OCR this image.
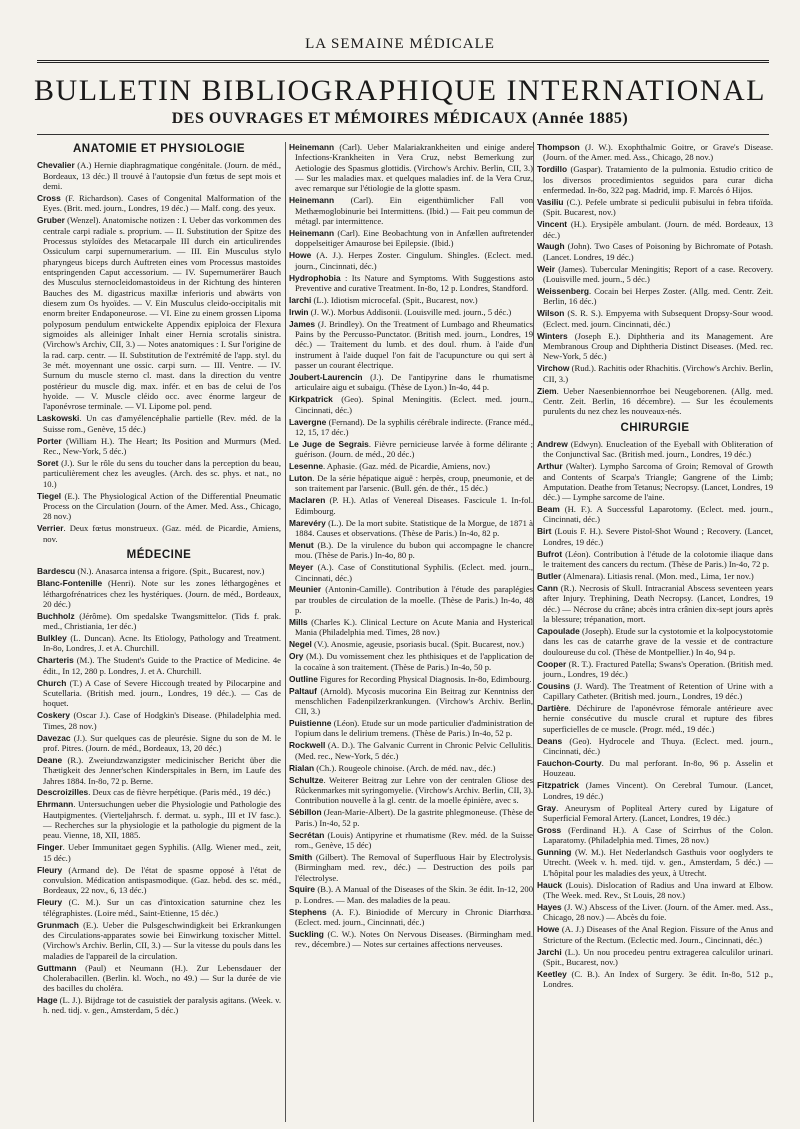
LA SEMAINE MÉDICALE
BULLETIN BIBLIOGRAPHIQUE INTERNATIONAL
DES OUVRAGES ET MÉMOIRES MÉDICAUX (Année 1885)
ANATOMIE ET PHYSIOLOGIE
Chevalier (A.) Hernie diaphragmatique congénitale. (Journ. de méd., Bordeaux, 13 déc.) Il trouvé à l'autopsie d'un fœtus de sept mois et demi.
Cross (F. Richardson). Cases of Congenital Malformation of the Eyes. (Brit. med. journ., Londres, 19 déc.) — Malf. cong. des yeux.
Gruber (Wenzel). Anatomische notizen : I. Ueber das vorkommen des centrale carpi radiale s. proprium. — II. Substitution der Spitze des Processus styloïdes des Metacarpale III durch ein articulirendes Ossiculum carpi supernumerarium. — III. Ein Musculus stylo pharyngeus biceps durch Auftreten eines vom Processus mastoides entspringenden Caput accessorium. — IV. Supernumerärer Bauch des Musculus sternocleidomastoideus in der Richtung des hinteren Bauches des M. digastricus maxillæ inferioris und abwärts von diesem zum Os hyoïdes. — V. Ein Musculus cleido-occipitalis mit enorm breiter Endaponeurose. — VI. Eine zu einem grossen Lipoma polyposum pendulum entwickelte Appendix epiploica der Flexura sigmoides als alleiniger Inhalt einer Hernia scrotalis sinistra. (Virchow's Archiv, CII, 3.) — Notes anatomiques : I. Sur l'origine de la rad. carp. centr. — II. Substitution de l'extrémité de l'app. styl. du 3e mét. moyennant une ossic. carpi surn. — III. Ventre. — IV. Surnum du muscle sterno cl. mast. dans la direction du ventre postérieur du muscle dig. max. infér. et en bas de celui de l'os hyoïde. — V. Muscle cléido occ. avec énorme largeur de l'aponévrose terminale. — VI. Lipome pol. pend.
Laskowski. Un cas d'amyélencéphalie partielle (Rev. méd. de la Suisse rom., Genève, 15 déc.)
Porter (William H.). The Heart; Its Position and Murmurs (Med. Rec., New-York, 5 déc.)
Soret (J.). Sur le rôle du sens du toucher dans la perception du beau, particulièrement chez les aveugles. (Arch. des sc. phys. et nat., no 10.)
Tiegel (E.). The Physiological Action of the Differential Pneumatic Process on the Circulation (Journ. of the Amer. Med. Ass., Chicago, 28 nov.)
Verrier. Deux fœtus monstrueux. (Gaz. méd. de Picardie, Amiens, nov.
MÉDECINE
Bardescu (N.). Anasarca intensa a frigore. (Spit., Bucarest, nov.)
Blanc-Fontenille (Henri). Note sur les zones léthargogènes et léthargofrénatrices chez les hystériques. (Journ. de méd., Bordeaux, 20 déc.)
Buchholz (Jérôme). Om spedalske Twangsmittelor. (Tids f. prak. med., Christiania, 1er déc.)
Bulkley (L. Duncan). Acne. Its Etiology, Pathology and Treatment. In-8o, Londres, J. et A. Churchill.
Charteris (M.). The Student's Guide to the Practice of Medicine. 4e édit., In 12, 280 p. Londres, J. et A. Churchill.
Church (T.) A Case of Severe Hiccough treated by Pilocarpine and Scutellaria. (British med. journ., Londres, 19 déc.). — Cas de hoquet.
Coskery (Oscar J.). Case of Hodgkin's Disease. (Philadelphia med. Times, 28 nov.)
Davezac (J.). Sur quelques cas de pleurésie. Signe du son de M. le prof. Pitres. (Journ. de méd., Bordeaux, 13, 20 déc.)
Deane (R.). Zweiundzwanzigster medicinischer Bericht über die Thætigkeit des Jenner'schen Kinderspitales in Bern, im Laufe des Jahres 1884. In-8o, 72 p. Berne.
Descroizilles. Deux cas de fièvre herpétique. (Paris méd., 19 déc.)
Ehrmann. Untersuchungen ueber die Physiologie und Pathologie des Hautpigmentes. (Vierteljahrsch. f. dermat. u. syph., III et IV fasc.). — Recherches sur la physiologie et la pathologie du pigment de la peau. Vienne, 18, XII, 1885.
Finger. Ueber Immunitaet gegen Syphilis. (Allg. Wiener med., zeit, 15 déc.)
Fleury (Armand de). De l'état de spasme opposé à l'état de convulsion. Médication antispasmodique. (Gaz. hebd. des sc. méd., Bordeaux, 22 nov., 6, 13 déc.)
Fleury (C. M.). Sur un cas d'intoxication saturnine chez les télégraphistes. (Loire méd., Saint-Etienne, 15 déc.)
Grunmach (E.). Ueber die Pulsgeschwindigkeit bei Erkrankungen des Circulations-apparates sowie bei Einwirkung toxischer Mittel. (Virchow's Archiv. Berlin, CII, 3.) — Sur la vitesse du pouls dans les maladies de l'appareil de la circulation.
Guttmann (Paul) et Neumann (H.). Zur Lebensdauer der Cholerabacillen. (Berlin. kl. Woch., no 49.) — Sur la durée de vie des bacilles du choléra.
Hage (L. J.). Bijdrage tot de casuistiek der paralysis agitans. (Week. v. h. ned. tidj. v. gen., Amsterdam, 5 déc.)
Heinemann (Carl). Ueber Malariakrankheiten und einige andere Infections-Krankheiten in Vera Cruz, nebst Bemerkung zur Aetiologie des Spasmus glottidis. (Virchow's Archiv. Berlin, CII, 3.) — Sur les maladies max. et quelques maladies inf. de la Vera Cruz, avec remarque sur l'étiologie de la glotte spasm.
Heinemann (Carl). Ein eigenthümlicher Fall von Methæmoglobinurie bei Intermittens. (Ibid.) — Fait peu commun de métagl. par intermittence.
Heinemann (Carl). Eine Beobachtung von in Anfællen auftretender doppelseitiger Amaurose bei Epilepsie. (Ibid.)
Howe (A. J.). Herpes Zoster. Cingulum. Shingles. (Eclect. med. journ., Cincinnati, déc.)
Hydrophobia : Its Nature and Symptoms. With Suggestions asto Preventive and curative Treatment. In-8o, 12 p. Londres, Standford.
Iarchi (L.). Idiotism microcefal. (Spit., Bucarest, nov.)
Irwin (J. W.). Morbus Addisonii. (Louisville med. journ., 5 déc.)
James (J. Brindley). On the Treatment of Lumbago and Rheumatics Pains by the Percusso-Punctator. (British med. journ., Londres, 19 déc.) — Traitement du lumb. et des doul. rhum. à l'aide d'un instrument à l'aide duquel l'on fait de l'acupuncture ou qui sert à passer un courant électrique.
Joubert-Laurencin (J.). De l'antipyrine dans le rhumatisme articulaire aigu et subaigu. (Thèse de Lyon.) In-4o, 44 p.
Kirkpatrick (Geo). Spinal Meningitis. (Eclect. med. journ., Cincinnati, déc.)
Lavergne (Fernand). De la syphilis cérébrale indirecte. (France méd., 12, 15, 17 déc.)
Le Juge de Segrais. Fièvre pernicieuse larvée à forme délirante ; guérison. (Journ. de méd., 20 déc.)
Lesenne. Aphasie. (Gaz. méd. de Picardie, Amiens, nov.)
Luton. De la série hépatique aiguë : herpès, croup, pneumonie, et de son traitement par l'arsenic. (Bull. gén. de thér., 15 déc.)
Maclaren (P. H.). Atlas of Venereal Diseases. Fascicule 1. In-fol. Edimbourg.
Marevéry (L.). De la mort subite. Statistique de la Morgue, de 1871 à 1884. Causes et observations. (Thèse de Paris.) In-4o, 82 p.
Menut (B.). De la virulence du bubon qui accompagne le chancre mou. (Thèse de Paris.) In-4o, 80 p.
Meyer (A.). Case of Constitutional Syphilis. (Eclect. med. journ., Cincinnati, déc.)
Meunier (Antonin-Camille). Contribution à l'étude des paraplégies par troubles de circulation de la moelle. (Thèse de Paris.) In-4o, 48 p.
Mills (Charles K.). Clinical Lecture on Acute Mania and Hysterical Mania (Philadelphia med. Times, 28 nov.)
Negel (V.). Anosmie, ageusie, psoriasis bucal. (Spit. Bucarest, nov.)
Ory (M.). Du vomissement chez les phthisiques et de l'application de la cocaïne à son traitement. (Thèse de Paris.) In-4o, 50 p.
Outline Figures for Recording Physical Diagnosis. In-8o, Edimbourg.
Paltauf (Arnold). Mycosis mucorina Ein Beitrag zur Kenntniss der menschlichen Fadenpilzerkrankungen. (Virchow's Archiv. Berlin, CII, 3.)
Puistienne (Léon). Etude sur un mode particulier d'administration de l'opium dans le delirium tremens. (Thèse de Paris.) In-4o, 52 p.
Rockwell (A. D.). The Galvanic Current in Chronic Pelvic Cellulitis. (Med. rec., New-York, 5 déc.)
Rialan (Ch.). Rougeole chinoise. (Arch. de méd. nav., déc.)
Schultze. Weiterer Beitrag zur Lehre von der centralen Gliose des Rückenmarkes mit syringomyelie. (Virchow's Archiv. Berlin, CII, 3). Contribution nouvelle à la gl. centr. de la moelle épinière, avec s.
Sébillon (Jean-Marie-Albert). De la gastrite phlegmoneuse. (Thèse de Paris.) In-4o, 52 p.
Secrétan (Louis) Antipyrine et rhumatisme (Rev. méd. de la Suisse rom., Genève, 15 déc)
Smith (Gilbert). The Removal of Superfluous Hair by Electrolysis. (Birmingham med. rev., déc.) — Destruction des poils par l'électrolyse.
Squire (B.). A Manual of the Diseases of the Skin. 3e édit. In-12, 200 p. Londres. — Man. des maladies de la peau.
Stephens (A. F.). Biniodide of Mercury in Chronic Diarrhœa. (Eclect. med. journ., Cincinnati, déc.)
Suckling (C. W.). Notes On Nervous Diseases. (Birmingham med. rev., décembre.) — Notes sur certaines affections nerveuses.
Thompson (J. W.). Exophthalmic Goitre, or Grave's Disease. (Journ. of the Amer. med. Ass., Chicago, 28 nov.)
Tordillo (Gaspar). Tratamiento de la pulmonia. Estudio critico de los diversos procedimientos seguidos para curar dicha enfermedad. In-8o, 322 pag. Madrid, imp. F. Marcés ó Hijos.
Vasiliu (C.). Pefele umbrate si pediculii pubisului in febra tifoïda. (Spit. Bucarest, nov.)
Vincent (H.). Erysipèle ambulant. (Journ. de méd. Bordeaux, 13 déc.)
Waugh (John). Two Cases of Poisoning by Bichromate of Potash. (Lancet. Londres, 19 déc.)
Weir (James). Tubercular Meningitis; Report of a case. Recovery. (Louisville med. journ., 5 déc.)
Weissenberg. Cocain bei Herpes Zoster. (Allg. med. Centr. Zeit. Berlin, 16 déc.)
Wilson (S. R. S.). Empyema with Subsequent Dropsy-Sour wood. (Eclect. med. journ. Cincinnati, déc.)
Winters (Joseph E.). Diphtheria and its Management. Are Membranous Croup and Diphtheria Distinct Diseases. (Med. rec. New-York, 5 déc.)
Virchow (Rud.). Rachitis oder Rhachitis. (Virchow's Archiv. Berlin, CII, 3.)
Ziem. Ueber Naesenbiennorrhoe bei Neugeborenen. (Allg. med. Centr. Zeit. Berlin, 16 décembre). — Sur les écoulements purulents du nez chez les nouveaux-nés.
CHIRURGIE
Andrew (Edwyn). Enucleation of the Eyeball with Obliteration of the Conjunctival Sac. (British med. journ., Londres, 19 déc.)
Arthur (Walter). Lympho Sarcoma of Groin; Removal of Growth and Contents of Scarpa's Triangle; Gangrene of the Limb; Amputation. Deathe from Tetanus; Necropsy. (Lancet, Londres, 19 déc.) — Lymphe sarcome de l'aine.
Beam (H. F.). A Successful Laparotomy. (Eclect. med. journ., Cincinnati, déc.)
Birt (Louis F. H.). Severe Pistol-Shot Wound ; Recovery. (Lancet, Londres, 19 déc.)
Bufrot (Léon). Contribution à l'étude de la colotomie iliaque dans le traitement des cancers du rectum. (Thèse de Paris.) In-4o, 72 p.
Butler (Almenara). Litiasis renal. (Mon. med., Lima, 1er nov.)
Cann (R.). Necrosis of Skull. Intracranial Abscess seventeen years after Injury. Trephining, Death Necropsy. (Lancet, Londres, 19 déc.) — Nécrose du crâne; abcès intra crânien dix-sept jours après la blessure; trépanation, mort.
Capoulade (Joseph). Etude sur la cystotomie et la kolpocystotomie dans les cas de catarrhe grave de la vessie et de contracture douloureuse du col. (Thèse de Montpellier.) In 4o, 94 p.
Cooper (R. T.). Fractured Patella; Swans's Operation. (British med. journ., Londres, 19 déc.)
Cousins (J. Ward). The Treatment of Retention of Urine with a Capillary Catheter. (British med. journ., Londres, 19 déc.)
Dartière. Déchirure de l'aponévrose fémorale antérieure avec hernie consécutive du muscle crural et rupture des fibres superficielles de ce muscle. (Progr. méd., 19 déc.)
Deans (Geo). Hydrocele and Thuya. (Eclect. med. journ., Cincinnati, déc.)
Fauchon-Courty. Du mal perforant. In-8o, 96 p. Asselin et Houzeau.
Fitzpatrick (James Vincent). On Cerebral Tumour. (Lancet, Londres, 19 déc.)
Gray. Aneurysm of Popliteal Artery cured by Ligature of Superficial Femoral Artery. (Lancet, Londres, 19 déc.)
Gross (Ferdinand H.). A Case of Scirrhus of the Colon. Laparatomy. (Philadelphia med. Times, 28 nov.)
Gunning (W. M.). Het Nederlandsch Gasthuis voor ooglyders te Utrecht. (Week v. h. med. tijd. v. gen., Amsterdam, 5 déc.) — L'hôpital pour les maladies des yeux, à Utrecht.
Hauck (Louis). Dislocation of Radius and Una inward at Elbow. (The Week. med. Rev., St Louis, 28 nov.)
Hayes (J. W.) Abscess of the Liver. (Journ. of the Amer. med. Ass., Chicago, 28 nov.) — Abcès du foie.
Howe (A. J.) Diseases of the Anal Region. Fissure of the Anus and Stricture of the Rectum. (Eclectic med. Journ., Cincinnati, déc.)
Jarchi (L.). Un nou procedeu pentru extragerea calculilor urinari. (Spit., Bucarest, nov.)
Keetley (C. B.). An Index of Surgery. 3e édit. In-8o, 512 p., Londres.
